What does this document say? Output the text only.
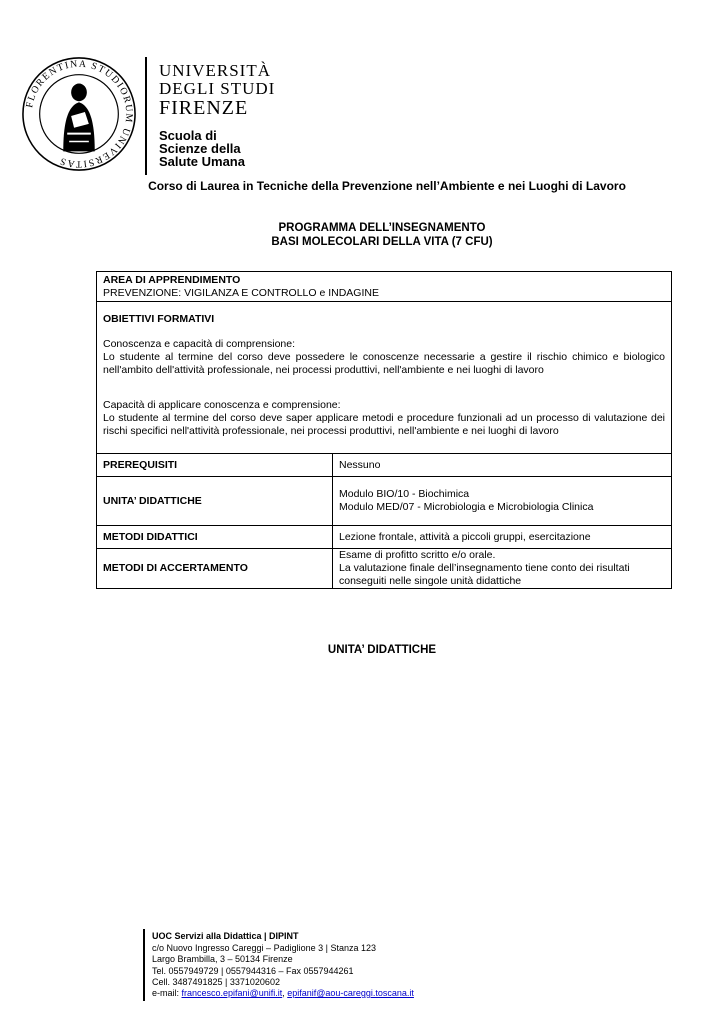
FLORENTINA STUDIORUM UNIVERSITAS
UNIVERSITÀ
DEGLI STUDI
FIRENZE
Scuola di
Scienze della
Salute Umana
Corso di Laurea in Tecniche della Prevenzione nell’Ambiente e nei Luoghi di Lavoro
PROGRAMMA DELL’INSEGNAMENTO
BASI MOLECOLARI DELLA VITA (7 CFU)
AREA DI APPRENDIMENTO
PREVENZIONE: VIGILANZA E CONTROLLO e INDAGINE
OBIETTIVI FORMATIVI
Conoscenza e capacità di comprensione:
Lo studente al termine del corso deve possedere le conoscenze necessarie a gestire il rischio chimico e biologico nell'ambito dell'attività professionale, nei processi produttivi, nell'ambiente e nei luoghi di lavoro
Capacità di applicare conoscenza e comprensione:
Lo studente al termine del corso deve saper applicare metodi e procedure funzionali ad un processo di valutazione dei rischi specifici nell'attività professionale, nei processi produttivi, nell'ambiente e nei luoghi di lavoro
PREREQUISITI	Nessuno
UNITA’ DIDATTICHE
Modulo BIO/10 - Biochimica
Modulo MED/07 - Microbiologia e Microbiologia Clinica
METODI DIDATTICI	Lezione frontale, attività a piccoli gruppi, esercitazione
METODI DI ACCERTAMENTO
Esame di profitto scritto e/o orale.
La valutazione finale dell’insegnamento tiene conto dei risultati
conseguiti nelle singole unità didattiche
UNITA’ DIDATTICHE
UOC Servizi alla Didattica | DIPINT
c/o Nuovo Ingresso Careggi – Padiglione 3 | Stanza 123
Largo Brambilla, 3 – 50134 Firenze
Tel. 0557949729 | 0557944316 – Fax 0557944261
Cell. 3487491825 | 3371020602
e-mail: francesco.epifani@unifi.it, epifanif@aou-careggi.toscana.it
